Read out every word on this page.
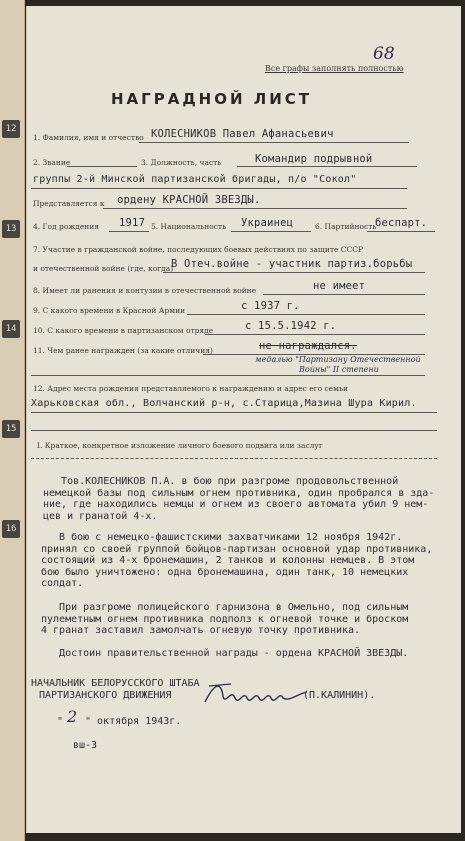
12
13
14
15
16
68
Все графы заполнять полностью
НАГРАДНОЙ ЛИСТ
1. Фамилия, имя и отчество КОЛЕСНИКОВ Павел Афанасьевич
2. Звание	3. Должность, часть	Командир подрывной
группы 2-й Минской партизанской бригады, п/о "Сокол"
Представляется к ордену КРАСНОЙ ЗВЕЗДЫ.
4. Год рождения 1917 5. Национальность Украинец	6. Партийность
беспарт.
7. Участие в гражданской войне, последующих боевых действиях по защите СССР
и отечественной войне (где, когда)
В Отеч.войне - участник партиз.борьбы
8. Имеет ли ранения и контузии в отечественной войне	не имеет
9. С какого времени в Красной Армии	с 1937 г.
10. С какого времени в партизанском отряде	с 15.5.1942 г.
11. Чем ранее награжден (за какие отличия)	не награждался.
медалью "Партизану Отечественной
Войны" II степени
12. Адрес места рождения представляемого к награждению и адрес его семьи
Харьковская обл., Волчанский р-н, с.Старица,Мазина Шура Кирил.
I. Краткое, конкретное изложение личного боевого подвига или заслуг
Тов.КОЛЕСНИКОВ П.А. в бою при разгроме продовольственной
немецкой базы под сильным огнем противника, один пробрался в зда-
ние, где находились немцы и огнем из своего автомата убил 9 нем-
цев и гранатой 4-х.
В бою с немецко-фашистскими захватчиками 12 ноября 1942г.
принял со своей группой бойцов-партизан основной удар противника,
состоящий из 4-х бронемашин, 2 танков и колонны немцев. В этом
бою было уничтожено: одна бронемашина, один танк, 10 немецких
солдат.
При разгроме полицейского гарнизона в Омельно, под сильным
пулеметным огнем противника подполз к огневой точке и броском
4 гранат заставил замолчать огневую точку противника.
Достоин правительственной награды - ордена КРАСНОЙ ЗВЕЗДЫ.
НАЧАЛЬНИК БЕЛОРУССКОГО ШТАБА
ПАРТИЗАНСКОГО ДВИЖЕНИЯ	(П.КАЛИНИН).
" 2 " октября 1943г.
вш-3
